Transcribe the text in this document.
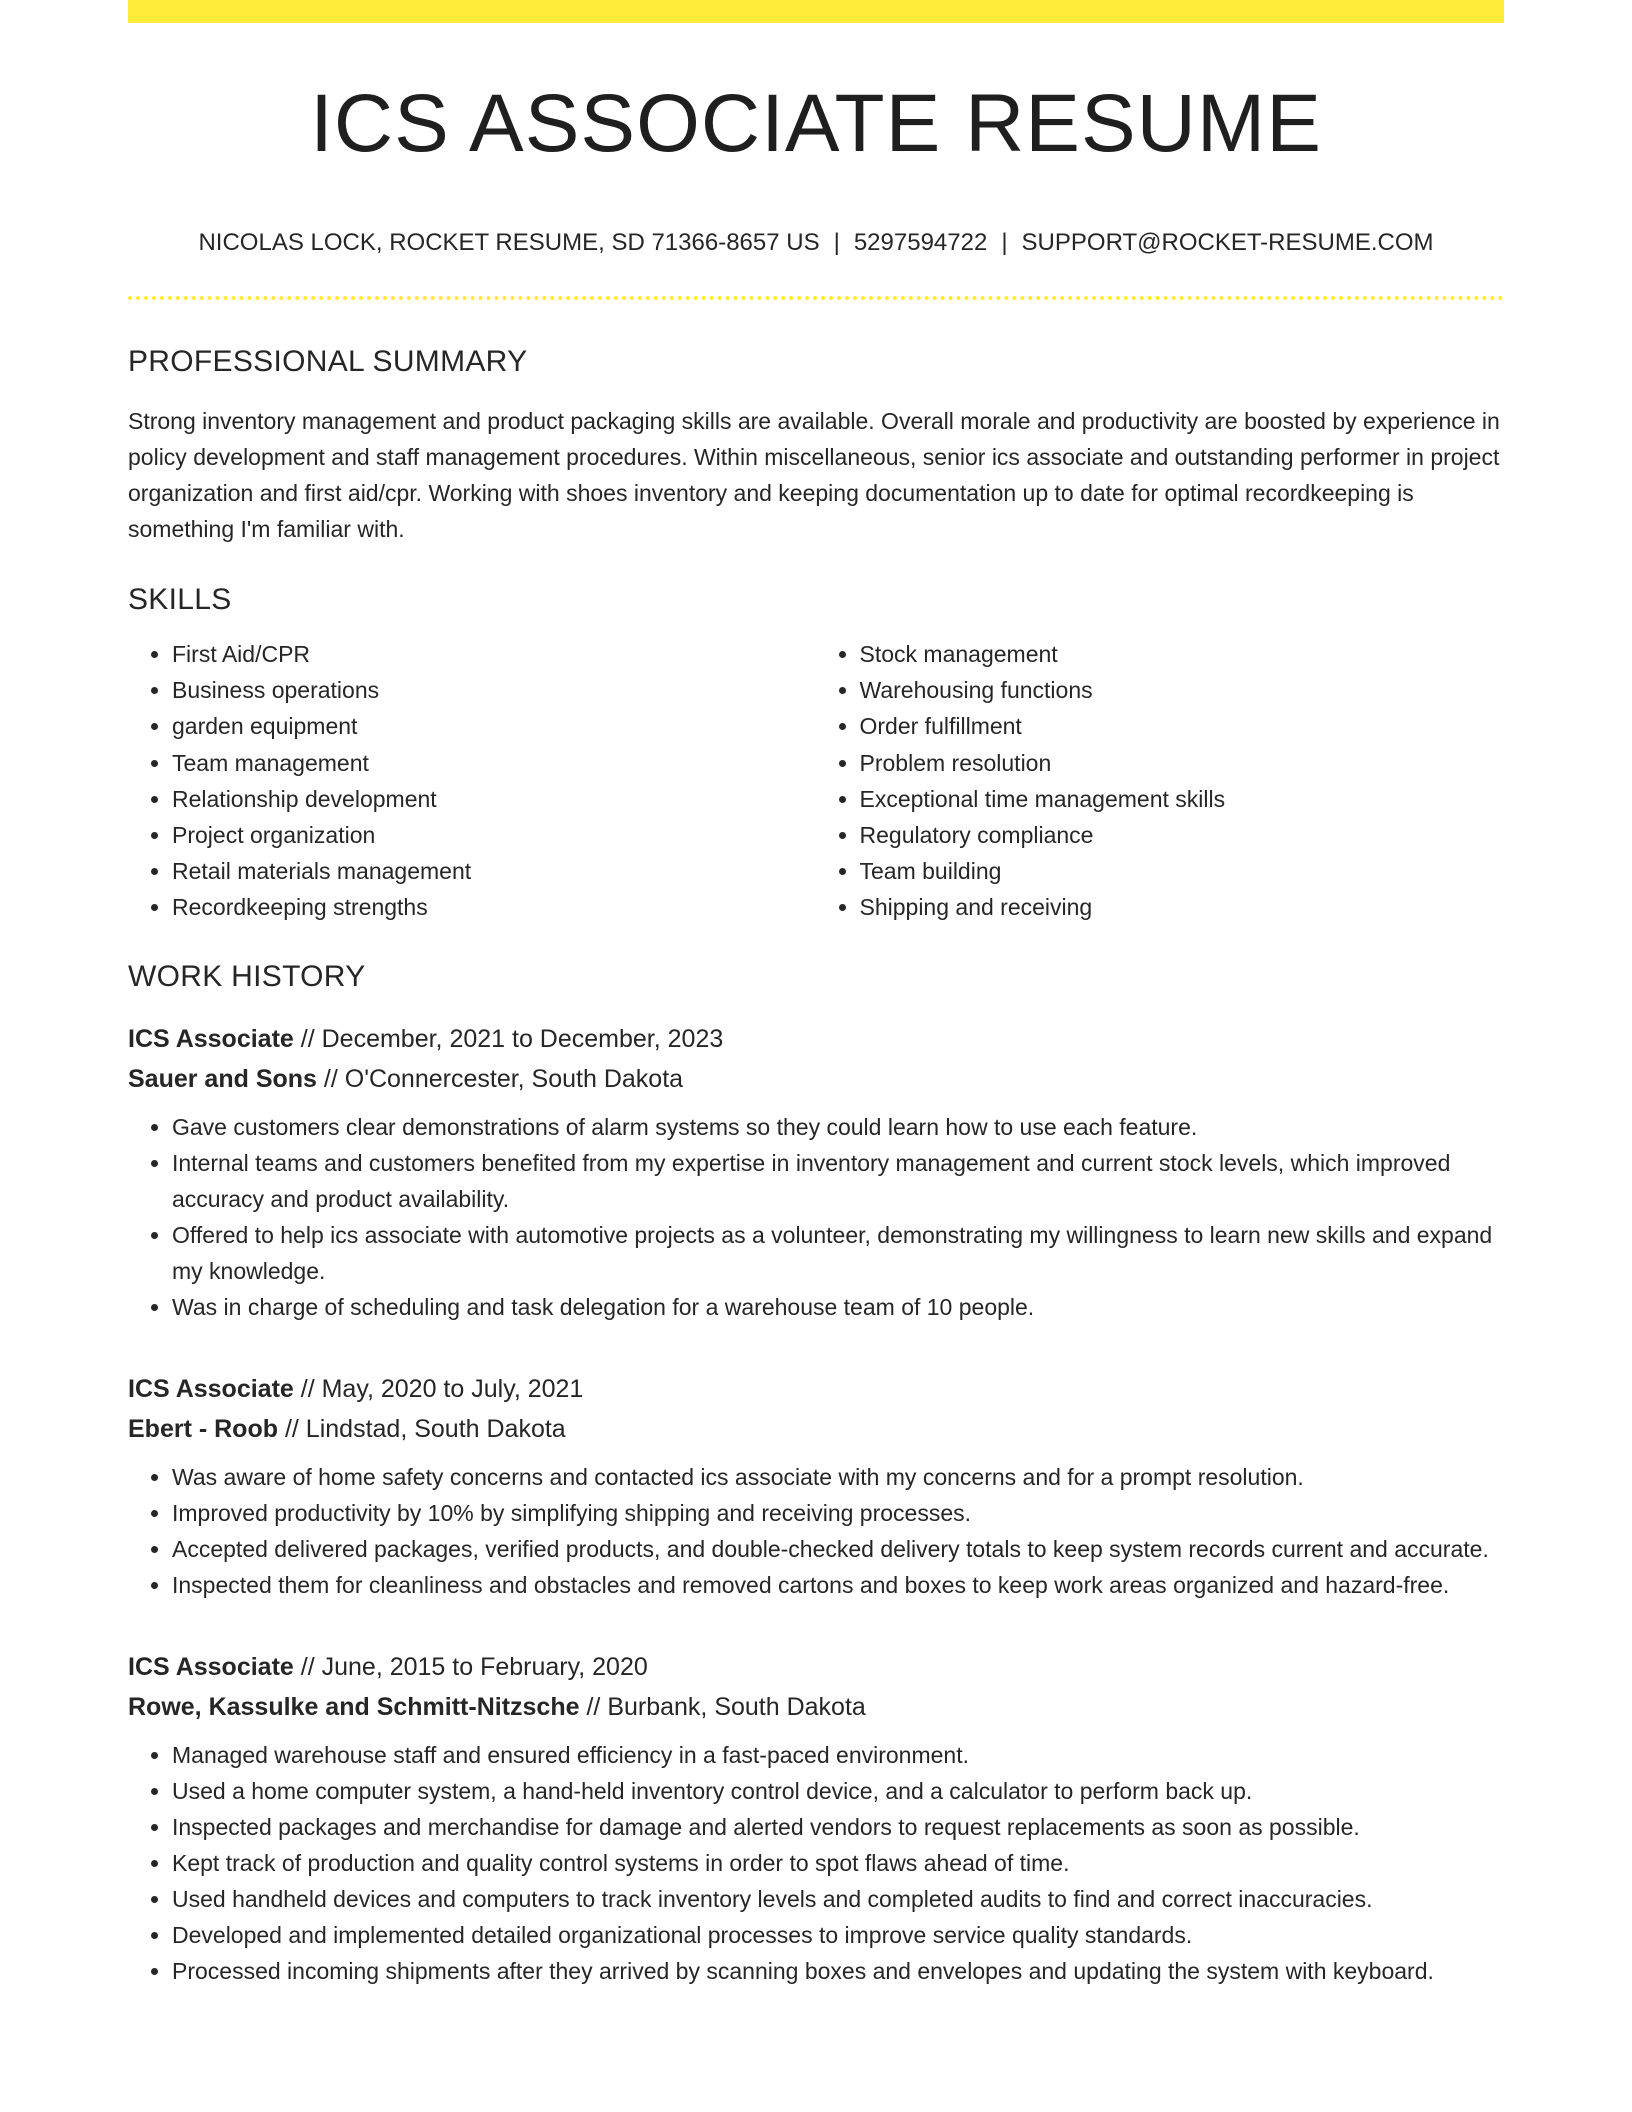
ICS ASSOCIATE RESUME
NICOLAS LOCK, ROCKET RESUME, SD 71366-8657 US | 5297594722 | SUPPORT@ROCKET-RESUME.COM
PROFESSIONAL SUMMARY

Strong inventory management and product packaging skills are available. Overall morale and productivity are boosted by experience in policy development and staff management procedures. Within miscellaneous, senior ics associate and outstanding performer in project organization and first aid/cpr. Working with shoes inventory and keeping documentation up to date for optimal recordkeeping is something I'm familiar with.

SKILLS
• First Aid/CPR
• Business operations
• garden equipment
• Team management
• Relationship development
• Project organization
• Retail materials management
• Recordkeeping strengths
• Stock management
• Warehousing functions
• Order fulfillment
• Problem resolution
• Exceptional time management skills
• Regulatory compliance
• Team building
• Shipping and receiving
WORK HISTORY
ICS Associate // December, 2021 to December, 2023
Sauer and Sons // O'Connercester, South Dakota
• Gave customers clear demonstrations of alarm systems so they could learn how to use each feature.
• Internal teams and customers benefited from my expertise in inventory management and current stock levels, which improved accuracy and product availability.
• Offered to help ics associate with automotive projects as a volunteer, demonstrating my willingness to learn new skills and expand my knowledge.
• Was in charge of scheduling and task delegation for a warehouse team of 10 people.
ICS Associate // May, 2020 to July, 2021
Ebert - Roob // Lindstad, South Dakota
• Was aware of home safety concerns and contacted ics associate with my concerns and for a prompt resolution.
• Improved productivity by 10% by simplifying shipping and receiving processes.
• Accepted delivered packages, verified products, and double-checked delivery totals to keep system records current and accurate.
• Inspected them for cleanliness and obstacles and removed cartons and boxes to keep work areas organized and hazard-free.
ICS Associate // June, 2015 to February, 2020
Rowe, Kassulke and Schmitt-Nitzsche // Burbank, South Dakota
• Managed warehouse staff and ensured efficiency in a fast-paced environment.
• Used a home computer system, a hand-held inventory control device, and a calculator to perform back up.
• Inspected packages and merchandise for damage and alerted vendors to request replacements as soon as possible.
• Kept track of production and quality control systems in order to spot flaws ahead of time.
• Used handheld devices and computers to track inventory levels and completed audits to find and correct inaccuracies.
• Developed and implemented detailed organizational processes to improve service quality standards.
• Processed incoming shipments after they arrived by scanning boxes and envelopes and updating the system with keyboard.
